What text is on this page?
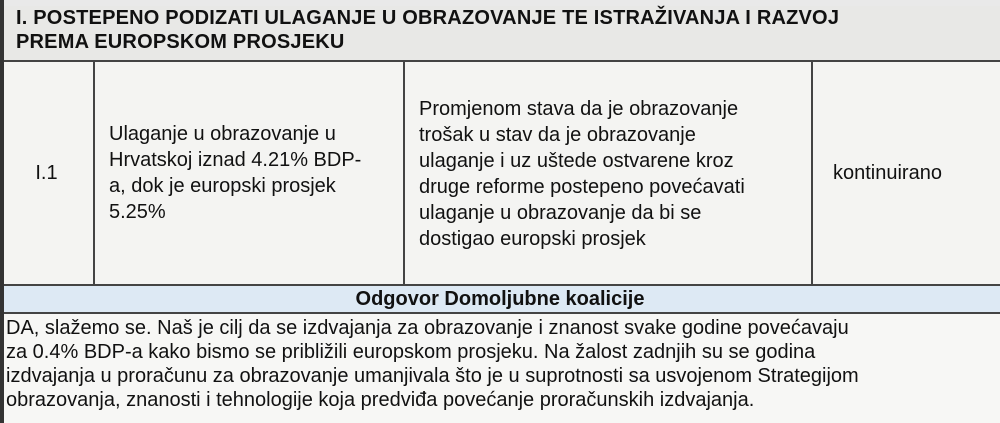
I. POSTEPENO PODIZATI ULAGANJE U OBRAZOVANJE TE ISTRAŽIVANJA I RAZVOJ
PREMA EUROPSKOM PROSJEKU
I.1
Ulaganje u obrazovanje u
Hrvatskoj iznad 4.21% BDP-
a, dok je europski prosjek
5.25%
Promjenom stava da je obrazovanje
trošak u stav da je obrazovanje
ulaganje i uz uštede ostvarene kroz
druge reforme postepeno povećavati
ulaganje u obrazovanje da bi se
dostigao europski prosjek
kontinuirano
Odgovor Domoljubne koalicije
DA, slažemo se. Naš je cilj da se izdvajanja za obrazovanje i znanost svake godine povećavaju
za 0.4% BDP-a kako bismo se približili europskom prosjeku. Na žalost zadnjih su se godina
izdvajanja u proračunu za obrazovanje umanjivala što je u suprotnosti sa usvojenom Strategijom
obrazovanja, znanosti i tehnologije koja predviđa povećanje proračunskih izdvajanja.
